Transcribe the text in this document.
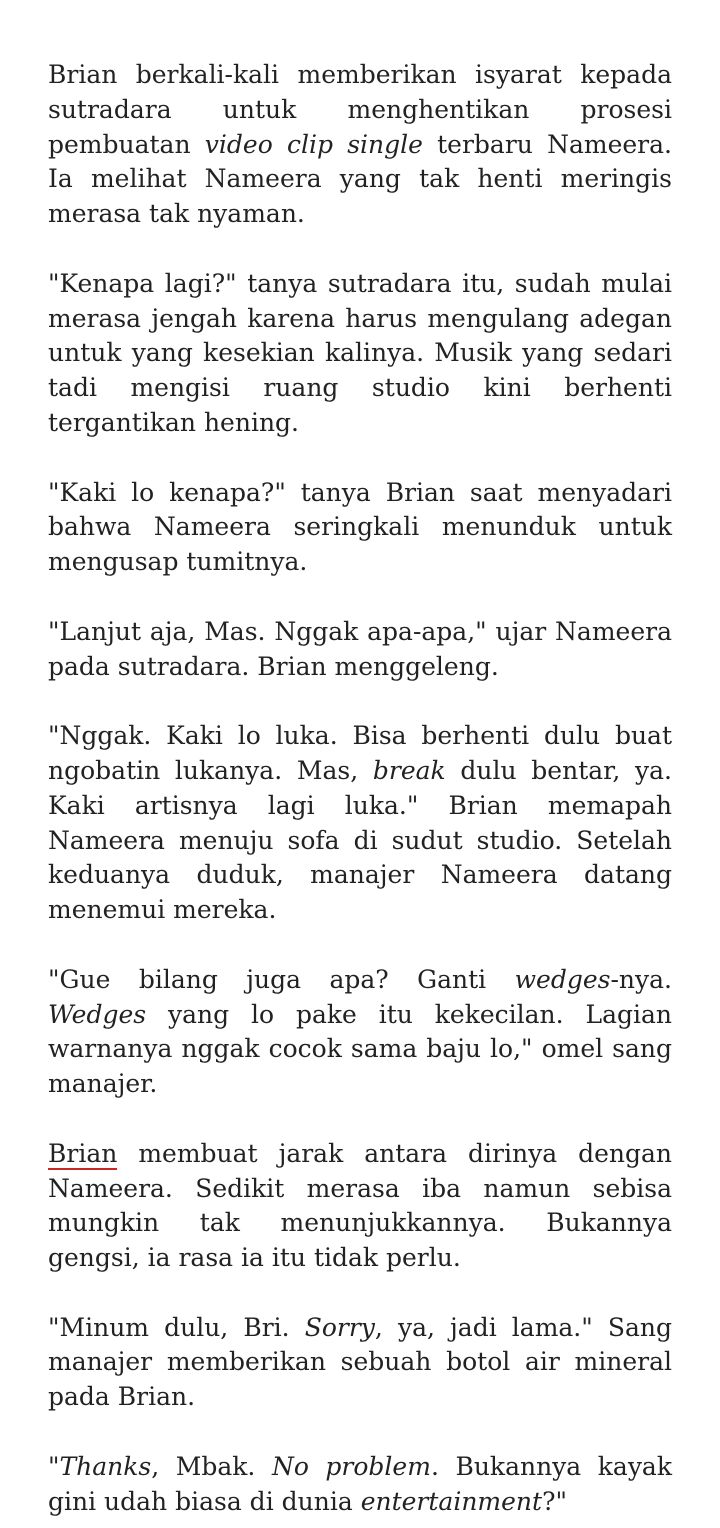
Brian berkali-kali memberikan isyarat kepada sutradara untuk menghentikan prosesi pembuatan video clip single terbaru Nameera. Ia melihat Nameera yang tak henti meringis merasa tak nyaman.

"Kenapa lagi?" tanya sutradara itu, sudah mulai merasa jengah karena harus mengulang adegan untuk yang kesekian kalinya. Musik yang sedari tadi mengisi ruang studio kini berhenti tergantikan hening.

"Kaki lo kenapa?" tanya Brian saat menyadari bahwa Nameera seringkali menunduk untuk mengusap tumitnya.

"Lanjut aja, Mas. Nggak apa-apa," ujar Nameera pada sutradara. Brian menggeleng.

"Nggak. Kaki lo luka. Bisa berhenti dulu buat ngobatin lukanya. Mas, break dulu bentar, ya. Kaki artisnya lagi luka." Brian memapah Nameera menuju sofa di sudut studio. Setelah keduanya duduk, manajer Nameera datang menemui mereka.

"Gue bilang juga apa? Ganti wedges-nya. Wedges yang lo pake itu kekecilan. Lagian warnanya nggak cocok sama baju lo," omel sang manajer.

Brian membuat jarak antara dirinya dengan Nameera. Sedikit merasa iba namun sebisa mungkin tak menunjukkannya. Bukannya gengsi, ia rasa ia itu tidak perlu.

"Minum dulu, Bri. Sorry, ya, jadi lama." Sang manajer memberikan sebuah botol air mineral pada Brian.

"Thanks, Mbak. No problem. Bukannya kayak gini udah biasa di dunia entertainment?"
